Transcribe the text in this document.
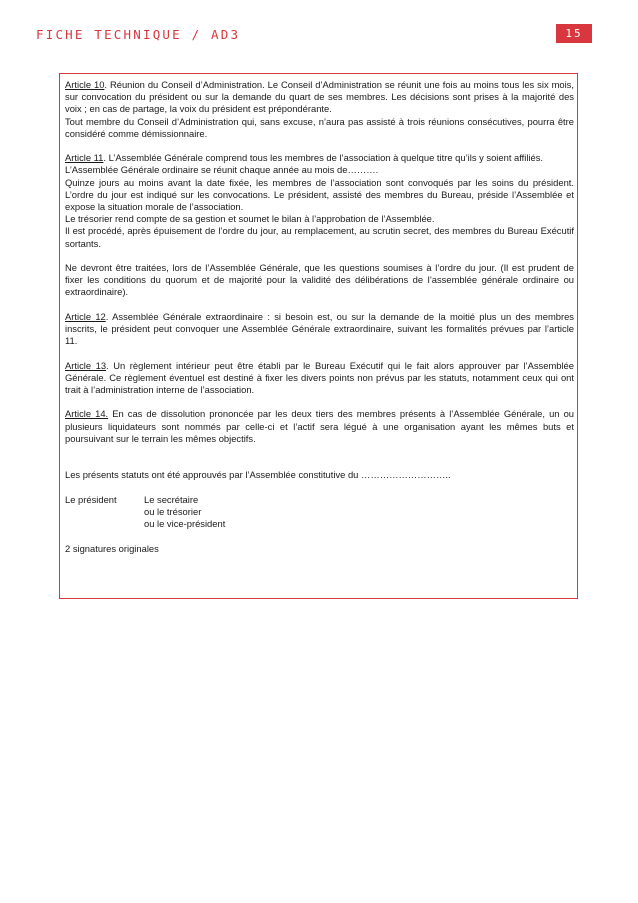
FICHE TECHNIQUE / AD3	15

Article 10. Réunion du Conseil d’Administration. Le Conseil d’Administration se réunit une fois au moins tous les six mois, sur convocation du président ou sur la demande du quart de ses membres. Les décisions sont prises à la majorité des voix ; en cas de partage, la voix du président est prépondérante.

Tout membre du Conseil d’Administration qui, sans excuse, n’aura pas assisté à trois réunions consécutives, pourra être considéré comme démissionnaire.

Article 11. L’Assemblée Générale comprend tous les membres de l’association à quelque titre qu’ils y soient affiliés.

L’Assemblée Générale ordinaire se réunit chaque année au mois de……….

Quinze jours au moins avant la date fixée, les membres de l’association sont convoqués par les soins du président. L’ordre du jour est indiqué sur les convocations. Le président, assisté des membres du Bureau, préside l’Assemblée et expose la situation morale de l’association.

Le trésorier rend compte de sa gestion et soumet le bilan à l’approbation de l’Assemblée.

Il est procédé, après épuisement de l’ordre du jour, au remplacement, au scrutin secret, des membres du Bureau Exécutif sortants.

Ne devront être traitées, lors de l’Assemblée Générale, que les questions soumises à l’ordre du jour. (Il est prudent de fixer les conditions du quorum et de majorité pour la validité des délibérations de l’assemblée générale ordinaire ou extraordinaire).

Article 12. Assemblée Générale extraordinaire : si besoin est, ou sur la demande de la moitié plus un des membres inscrits, le président peut convoquer une Assemblée Générale extraordinaire, suivant les formalités prévues par l’article 11.

Article 13. Un règlement intérieur peut être établi par le Bureau Exécutif qui le fait alors approuver par l’Assemblée Générale. Ce règlement éventuel est destiné à fixer les divers points non prévus par les statuts, notamment ceux qui ont trait à l’administration interne de l’association.

Article 14. En cas de dissolution prononcée par les deux tiers des membres présents à l’Assemblée Générale, un ou plusieurs liquidateurs sont nommés par celle-ci et l’actif sera légué à une organisation ayant les mêmes buts et poursuivant sur le terrain les mêmes objectifs.

Les présents statuts ont été approuvés par l’Assemblée constitutive du ………………………..

Le président	Le secrétaire

ou le trésorier

ou le vice-président

2 signatures originales
